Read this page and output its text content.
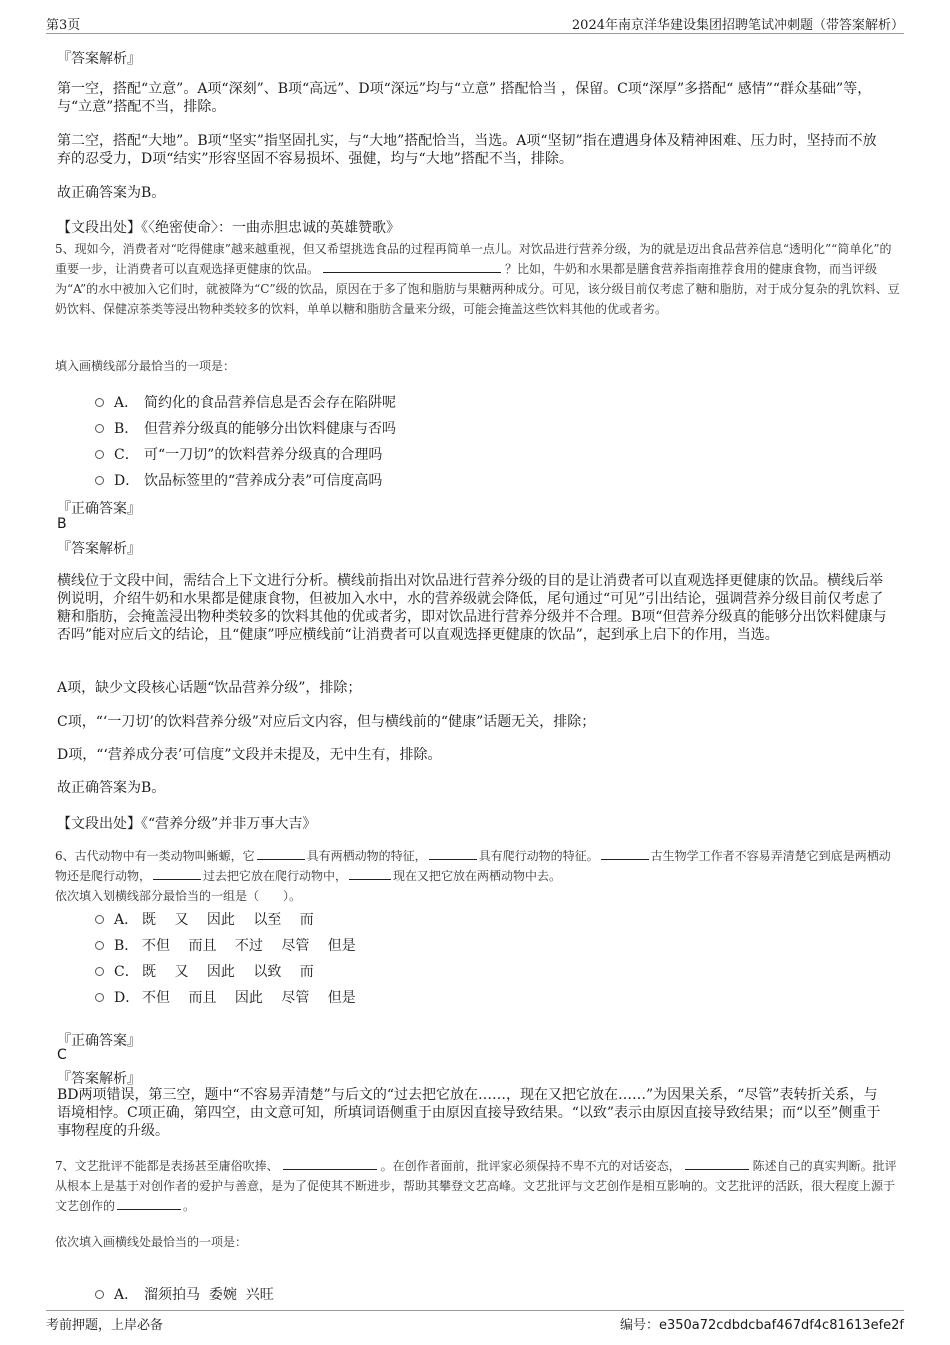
第3页	2024年南京洋华建设集团招聘笔试冲刺题（带答案解析）
『答案解析』
第一空，搭配“立意”。A项“深刻”、B项“高远”、D项“深远”均与“立意” 搭配恰当 ，保留。C项“深厚”多搭配“ 感情”“群众基础”等，与“立意”搭配不当，排除。
第二空，搭配“大地”。B项“坚实”指坚固扎实，与“大地”搭配恰当，当选。A项“坚韧”指在遭遇身体及精神困难、压力时，坚持而不放弃的忍受力，D项“结实”形容坚固不容易损坏、强健，均与“大地”搭配不当，排除。
故正确答案为B。
【文段出处】《〈绝密使命〉：一曲赤胆忠诚的英雄赞歌》
5、现如今，消费者对“吃得健康”越来越重视，但又希望挑选食品的过程再简单一点儿。对饮品进行营养分级，为的就是迈出食品营养信息“透明化”“简单化”的重要一步，让消费者可以直观选择更健康的饮品。	？比如，牛奶和水果都是膳食营养指南推荐食用的健康食物，而当评级为“A”的水中被加入它们时，就被降为“C”级的饮品，原因在于多了饱和脂肪与果糖两种成分。可见，该分级目前仅考虑了糖和脂肪，对于成分复杂的乳饮料、豆奶饮料、保健凉茶类等浸出物种类较多的饮料，单单以糖和脂肪含量来分级，可能会掩盖这些饮料其他的优或者劣。
填入画横线部分最恰当的一项是：
A． 简约化的食品营养信息是否会存在陷阱呢
B． 但营养分级真的能够分出饮料健康与否吗
C． 可“一刀切”的饮料营养分级真的合理吗
D． 饮品标签里的“营养成分表”可信度高吗
『正确答案』
B
『答案解析』
横线位于文段中间，需结合上下文进行分析。横线前指出对饮品进行营养分级的目的是让消费者可以直观选择更健康的饮品。横线后举例说明，介绍牛奶和水果都是健康食物，但被加入水中，水的营养级就会降低，尾句通过“可见”引出结论，强调营养分级目前仅考虑了糖和脂肪，会掩盖浸出物种类较多的饮料其他的优或者劣，即对饮品进行营养分级并不合理。B项“但营养分级真的能够分出饮料健康与否吗”能对应后文的结论，且“健康”呼应横线前“让消费者可以直观选择更健康的饮品”，起到承上启下的作用，当选。
A项，缺少文段核心话题“饮品营养分级”，排除；
C项，“‘一刀切’的饮料营养分级”对应后文内容，但与横线前的“健康”话题无关，排除；
D项，“‘营养成分表’可信度”文段并未提及，无中生有，排除。
故正确答案为B。
【文段出处】《“营养分级”并非万事大吉》
6、古代动物中有一类动物叫蜥螈，它	具有两栖动物的特征，	具有爬行动物的特征。	古生物学工作者不容易弄清楚它到底是两栖动物还是爬行动物，	过去把它放在爬行动物中，	现在又把它放在两栖动物中去。
依次填入划横线部分最恰当的一组是（　　）。
A． 既　 又　 因此　 以至　 而
B． 不但　 而且　 不过　 尽管　 但是
C． 既　 又　 因此　 以致　 而
D． 不但　 而且　 因此　 尽管　 但是
『正确答案』
C
『答案解析』
BD两项错误，第三空，题中“不容易弄清楚”与后文的“过去把它放在……，现在又把它放在……”为因果关系，“尽管”表转折关系，与语境相悖。C项正确，第四空，由文意可知，所填词语侧重于由原因直接导致结果。“以致”表示由原因直接导致结果；而“以至”侧重于事物程度的升级。
7、文艺批评不能都是表扬甚至庸俗吹捧、	。在创作者面前，批评家必须保持不卑不亢的对话姿态，	陈述自己的真实判断。批评从根本上是基于对创作者的爱护与善意，是为了促使其不断进步，帮助其攀登文艺高峰。文艺批评与文艺创作是相互影响的。文艺批评的活跃，很大程度上源于文艺创作的	。
依次填入画横线处最恰当的一项是：
A． 溜须拍马  委婉  兴旺
考前押题，上岸必备	编号：e350a72cdbdcbaf467df4c81613efe2f
